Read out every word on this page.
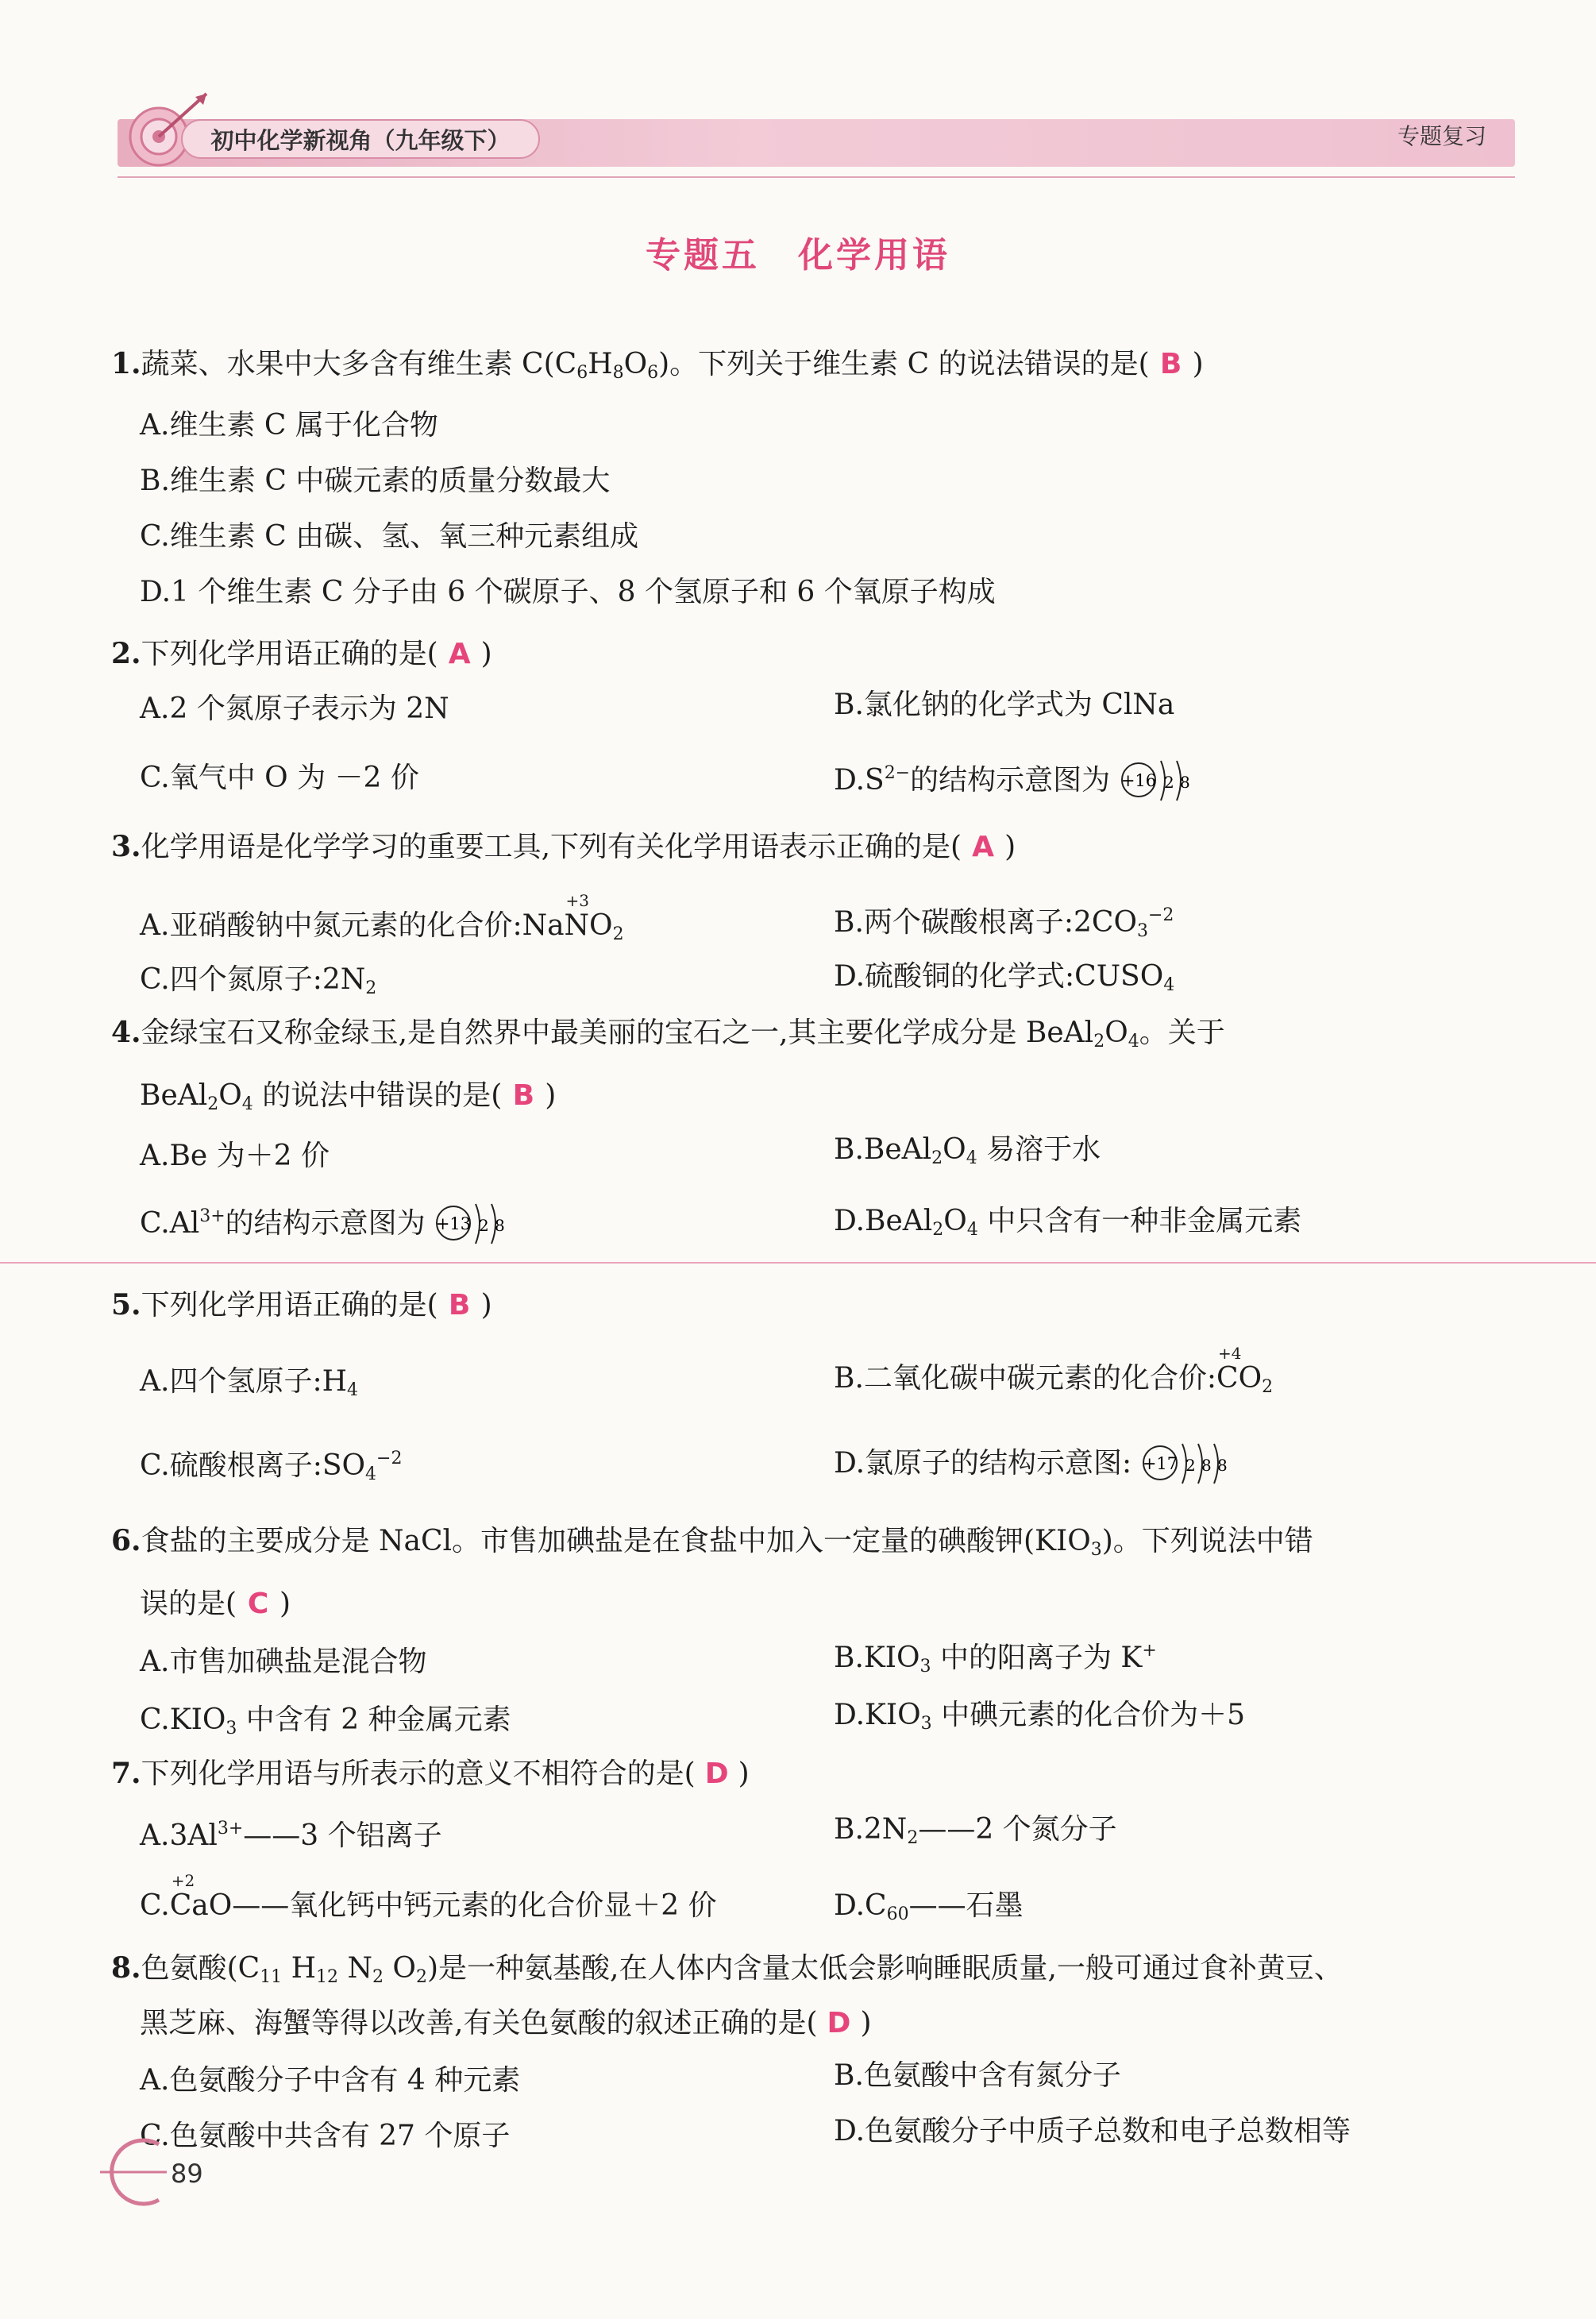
初中化学新视角（九年级下）	专题复习
专题五　化学用语
1.蔬菜、水果中大多含有维生素 $C(C_6H_8O_6)$。下列关于维生素 C 的说法错误的是( B )
A.维生素 C 属于化合物
B.维生素 C 中碳元素的质量分数最大
C.维生素 C 由碳、氢、氧三种元素组成
D.1 个维生素 C 分子由 6 个碳原子、8 个氢原子和 6 个氧原子构成
2.下列化学用语正确的是( A )
A.2 个氮原子表示为 2N	B.氯化钠的化学式为 ClNa
C.氧气中 O 为 －2 价	$D.S^{2-}$的结构示意图为 +16 2 8
3.化学用语是化学学习的重要工具,下列有关化学用语表示正确的是( A )
A.亚硝酸钠中氮元素的化合价:Na
+3
$NO_2$	B.两个碳酸根离子$:2CO_3^{-2}$
C.四个氮原子$:2N_2$	D.硫酸铜的化学式$:CUSO_4$
4.金绿宝石又称金绿玉,是自然界中最美丽的宝石之一,其主要化学成分是 $BeAl_2O_4$。关于
$BeAl_2O_4$ 的说法中错误的是( B )
A.Be 为＋2 价	$B.BeAl_2O_4$ 易溶于水
$C.Al^{3+}$的结构示意图为 +13 2 8	$D.BeAl_2O_4$ 中只含有一种非金属元素
5.下列化学用语正确的是( B )
A.四个氢原子$:H_4$	B.二氧化碳中碳元素的化合价:
+4
$CO_2$
C.硫酸根离子$:SO_4^{-2}$	D.氯原子的结构示意图: +17 2 8 8
6.食盐的主要成分是 NaCl。市售加碘盐是在食盐中加入一定量的碘酸钾$(KIO_3)$。下列说法中错
误的是( C )
A.市售加碘盐是混合物	$B.KIO_3$ 中的阳离子为 K+
$C.KIO_3$ 中含有 2 种金属元素	$D.KIO_3$ 中碘元素的化合价为＋5
7.下列化学用语与所表示的意义不相符合的是( D )
$A.3Al^{3+}——3$ 个铝离子	$B.2N_2——2$ 个氮分子
C.
+2
CaO——氧化钙中钙元素的化合价显＋2 价	$D.C_{60}——$石墨
8.色氨酸($C_{11}$ $H_{12}$ $N_2$ $O_2$)是一种氨基酸,在人体内含量太低会影响睡眠质量,一般可通过食补黄豆、
黑芝麻、海蟹等得以改善,有关色氨酸的叙述正确的是( D )
A.色氨酸分子中含有 4 种元素	B.色氨酸中含有氮分子
C.色氨酸中共含有 27 个原子	D.色氨酸分子中质子总数和电子总数相等
89
